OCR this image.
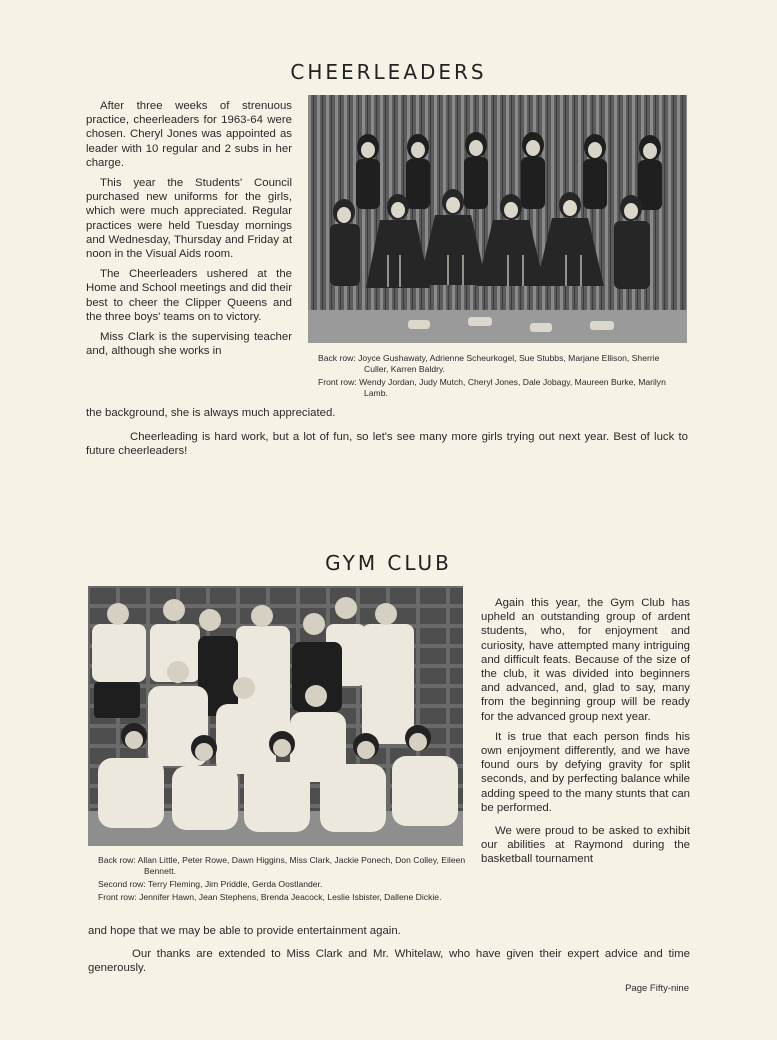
CHEERLEADERS

After three weeks of strenuous practice, cheerleaders for 1963-64 were chosen. Cheryl Jones was appointed as leader with 10 regular and 2 subs in her charge.

This year the Students' Council purchased new uniforms for the girls, which were much appreciated. Regular practices were held Tuesday mornings and Wednesday, Thursday and Friday at noon in the Visual Aids room.

The Cheerleaders ushered at the Home and School meetings and did their best to cheer the Clipper Queens and the three boys' teams on to victory.

Miss Clark is the supervising teacher and, although she works in

the background, she is always much appreciated.
Back row: Joyce Gushawaty, Adrienne Scheurkogel, Sue Stubbs, Marjane Ellison, Sherrie Culler, Karren Baldry.
Front row: Wendy Jordan, Judy Mutch, Cheryl Jones, Dale Jobagy, Maureen Burke, Marilyn Lamb.
Cheerleading is hard work, but a lot of fun, so let's see many more girls trying out next year. Best of luck to future cheerleaders!
GYM CLUB

Again this year, the Gym Club has upheld an outstanding group of ardent students, who, for enjoyment and curiosity, have attempted many intriguing and difficult feats. Because of the size of the club, it was divided into beginners and advanced, and, glad to say, many from the beginning group will be ready for the advanced group next year.

It is true that each person finds his own enjoyment differently, and we have found ours by defying gravity for split seconds, and by perfecting balance while adding speed to the many stunts that can be performed.

We were proud to be asked to exhibit our abilities at Raymond during the basketball tournament

Back row: Allan Little, Peter Rowe, Dawn Higgins, Miss Clark, Jackie Ponech, Don Colley, Eileen Bennett.
Second row: Terry Fleming, Jim Priddle, Gerda Oostlander.
Front row: Jennifer Hawn, Jean Stephens, Brenda Jeacock, Leslie Isbister, Dallene Dickie.
and hope that we may be able to provide entertainment again.
Our thanks are extended to Miss Clark and Mr. Whitelaw, who have given their expert advice and time generously.
Page Fifty-nine
